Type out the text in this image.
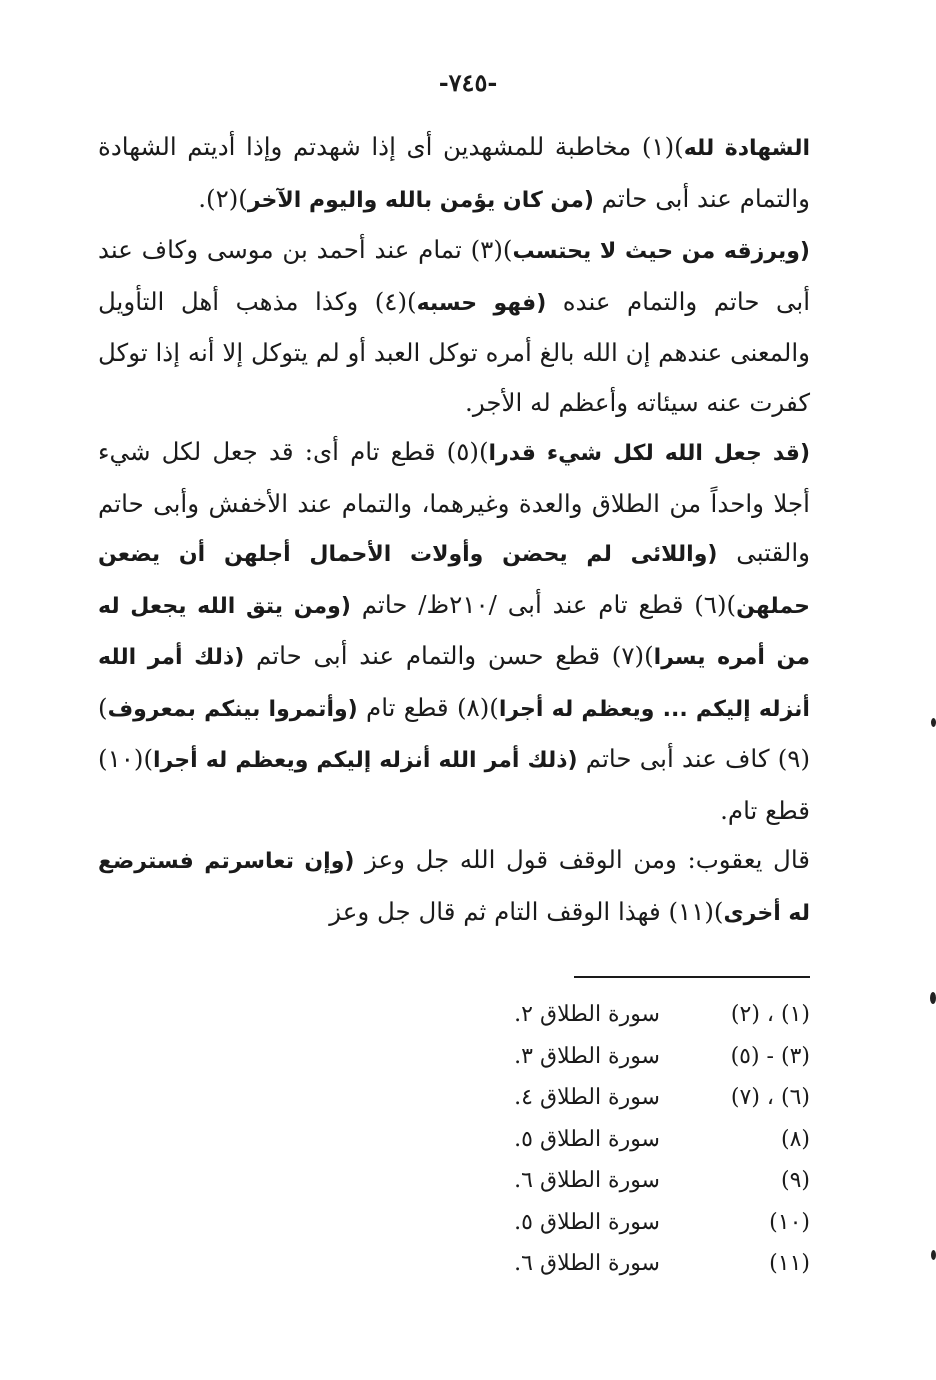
-٧٤٥-

الشهادة لله)(١) مخاطبة للمشهدين أى إذا شهدتم وإذا أديتم الشهادة والتمام عند أبى حاتم (من كان يؤمن بالله واليوم الآخر)(٢).

(ويرزقه من حيث لا يحتسب)(٣) تمام عند أحمد بن موسى وكاف عند أبى حاتم والتمام عنده (فهو حسبه)(٤) وكذا مذهب أهل التأويل والمعنى عندهم إن الله بالغ أمره توكل العبد أو لم يتوكل إلا أنه إذا توكل كفرت عنه سيئاته وأعظم له الأجر.

(قد جعل الله لكل شيء قدرا)(٥) قطع تام أى: قد جعل لكل شيء أجلا واحداً من الطلاق والعدة وغيرهما، والتمام عند الأخفش وأبى حاتم والقتبى (واللائى لم يحضن وأولات الأحمال أجلهن أن يضعن حملهن)(٦) قطع تام عند أبى /٢١٠ظ/ حاتم (ومن يتق الله يجعل له من أمره يسرا)(٧) قطع حسن والتمام عند أبى حاتم (ذلك أمر الله أنزله إليكم ... ويعظم له أجرا)(٨) قطع تام (وأتمروا بينكم بمعروف)(٩) كاف عند أبى حاتم (ذلك أمر الله أنزله إليكم ويعظم له أجرا)(١٠) قطع تام.

قال يعقوب: ومن الوقف قول الله جل وعز (وإن تعاسرتم فسترضع له أخرى)(١١) فهذا الوقف التام ثم قال جل وعز

(١) ، (٢)
سورة الطلاق ٢.
(٣) - (٥)
سورة الطلاق ٣.
(٦) ، (٧)
سورة الطلاق ٤.
(٨)
سورة الطلاق ٥.
(٩)
سورة الطلاق ٦.
(١٠)
سورة الطلاق ٥.
(١١)
سورة الطلاق ٦.
